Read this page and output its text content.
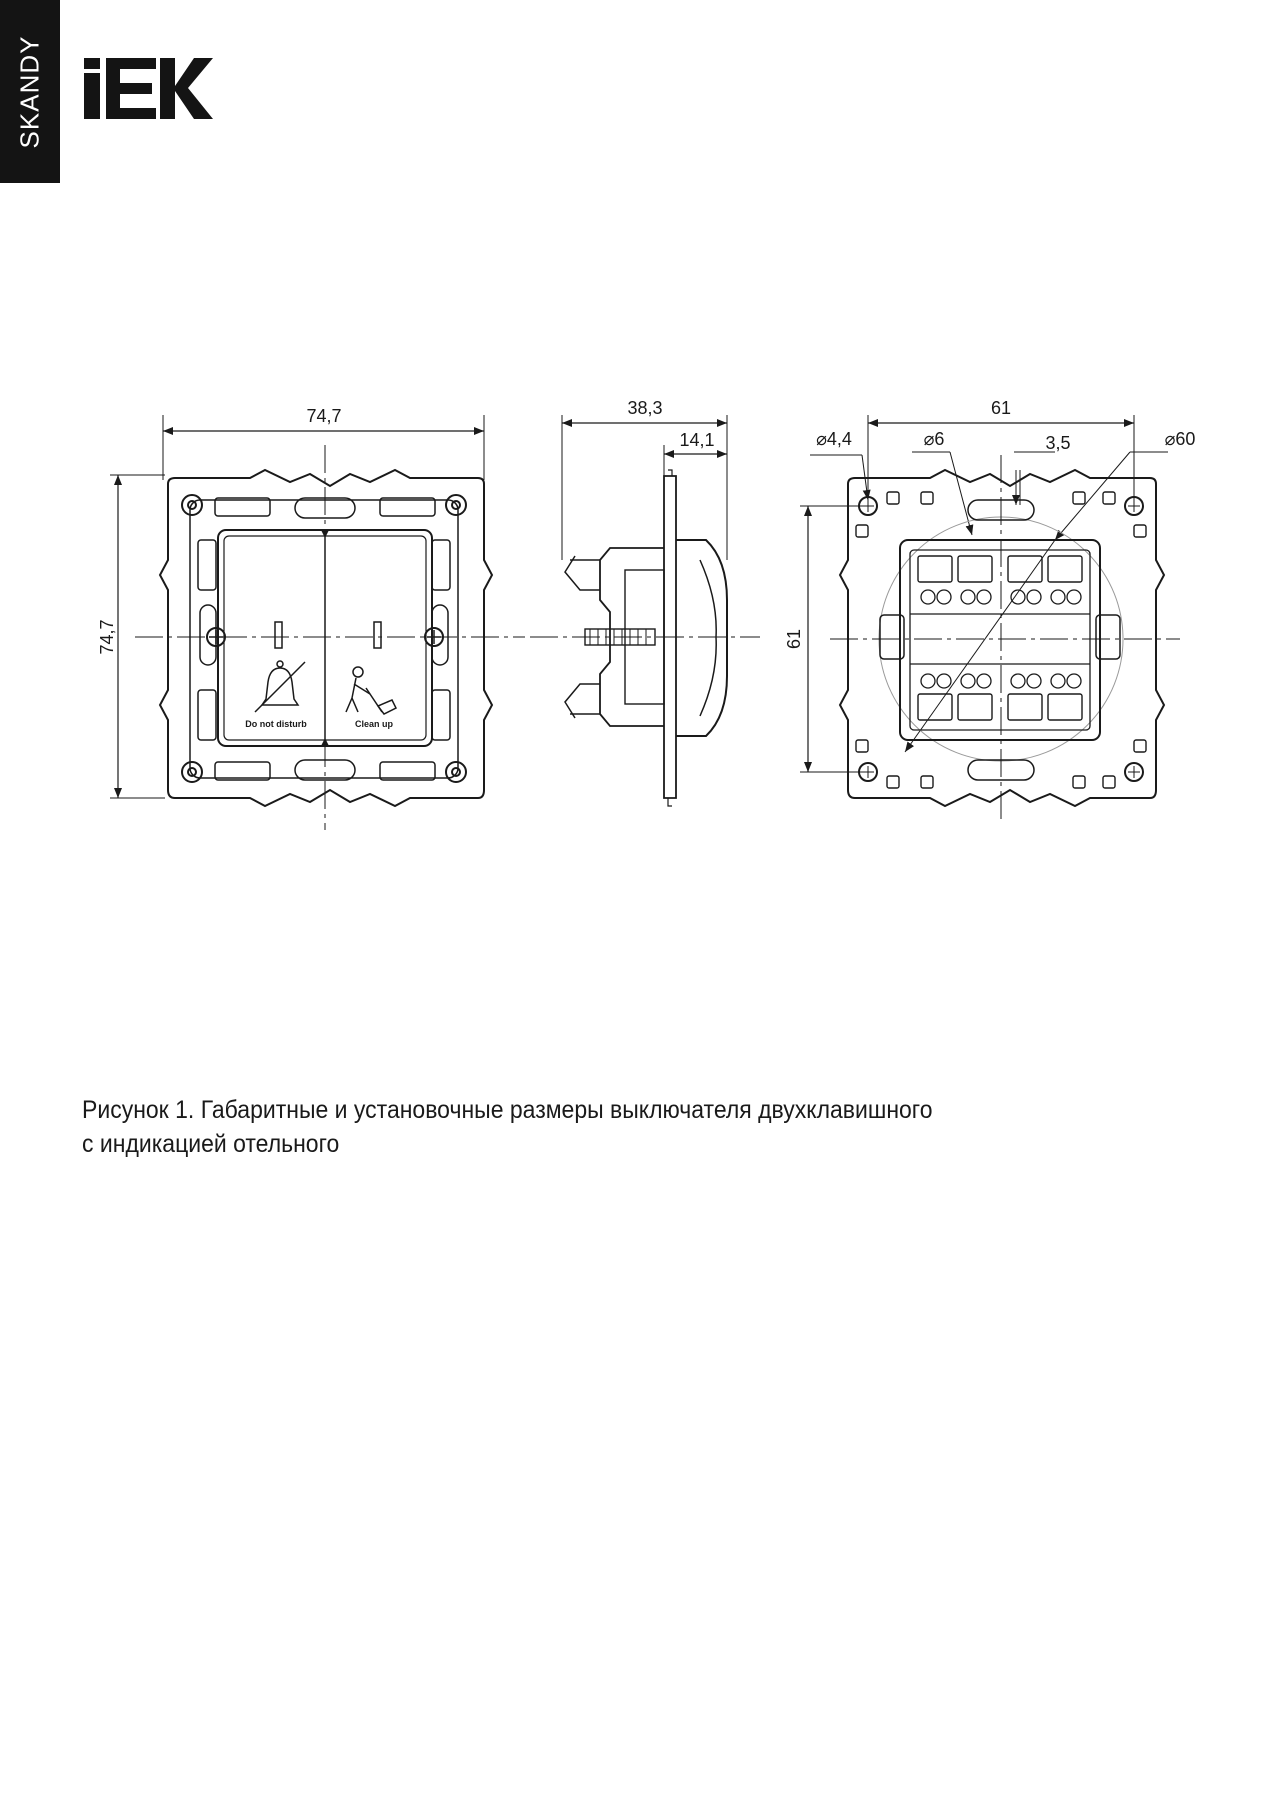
SKANDY
74,7
74,7
Do not disturb	Clean up
38,3
14,1
61
61
⌀4,4	⌀6	3,5	⌀60
Рисунок 1. Габаритные и установочные размеры выключателя двухклавишного
с индикацией отельного
